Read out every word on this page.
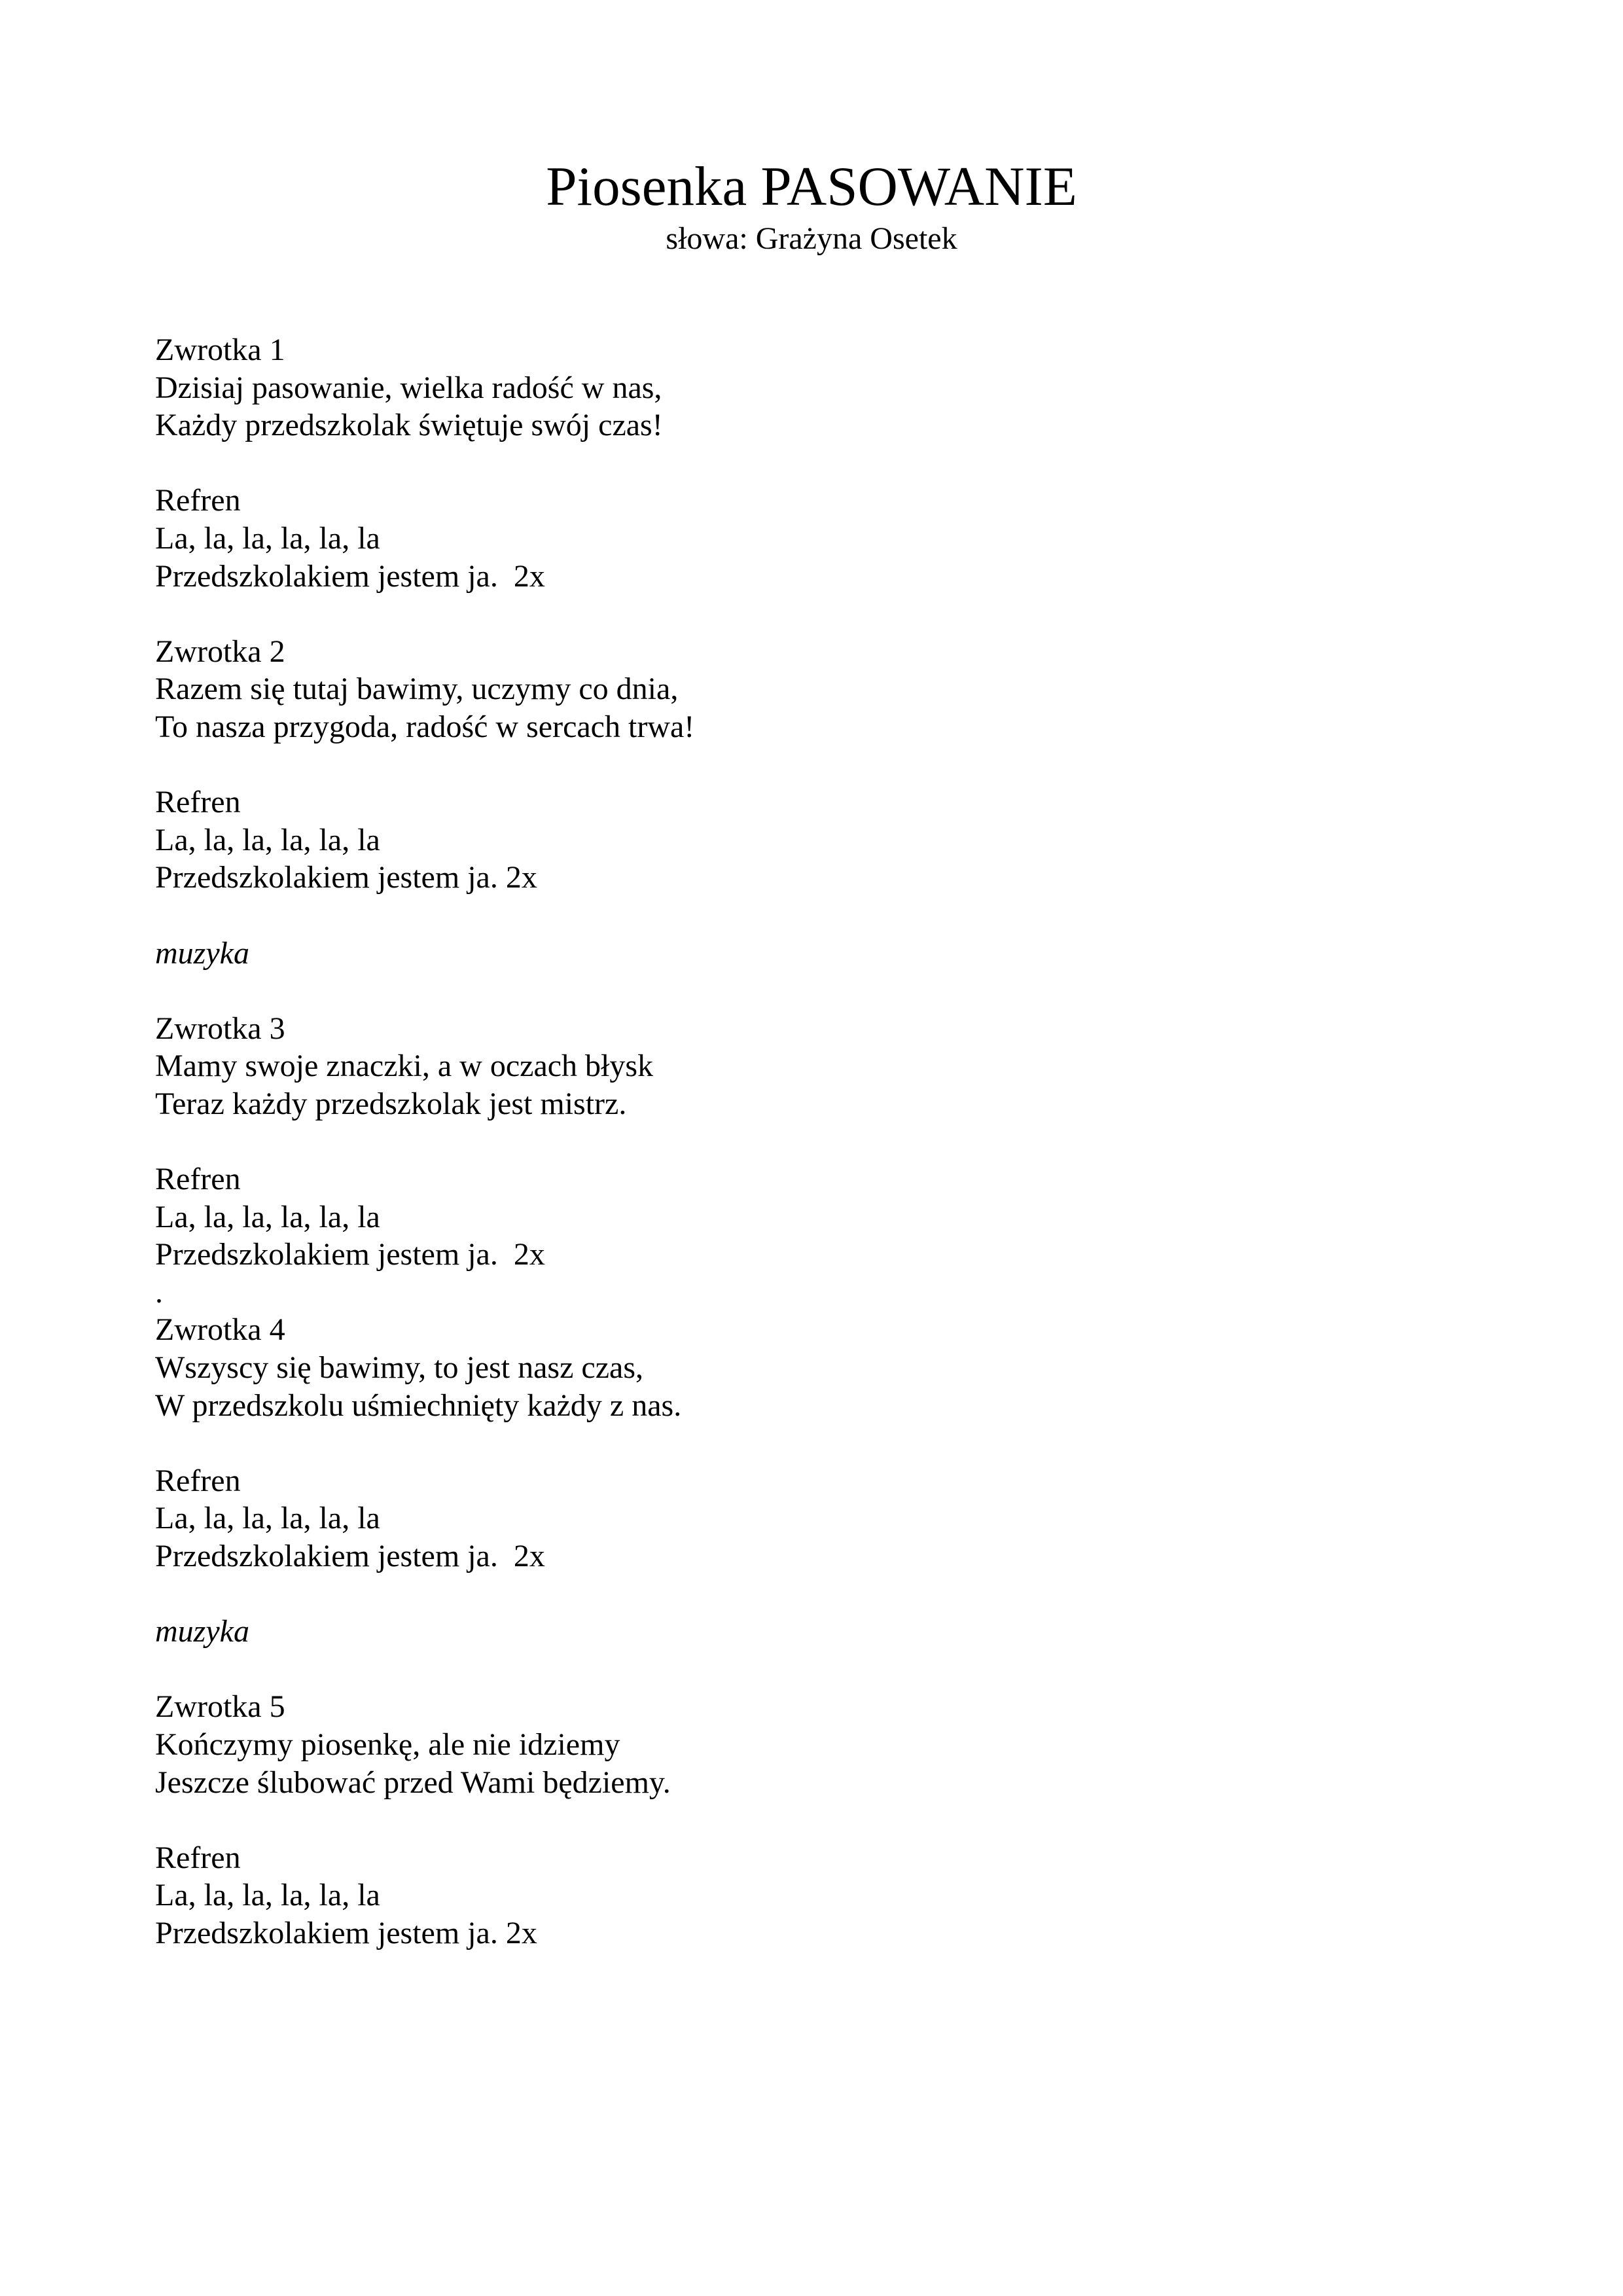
Piosenka PASOWANIE
słowa: Grażyna Osetek
Zwrotka 1
Dzisiaj pasowanie, wielka radość w nas,
Każdy przedszkolak świętuje swój czas!
Refren
La, la, la, la, la, la
Przedszkolakiem jestem ja.  2x
Zwrotka 2
Razem się tutaj bawimy, uczymy co dnia,
To nasza przygoda, radość w sercach trwa!
Refren
La, la, la, la, la, la
Przedszkolakiem jestem ja. 2x
muzyka
Zwrotka 3
Mamy swoje znaczki, a w oczach błysk
Teraz każdy przedszkolak jest mistrz.
Refren
La, la, la, la, la, la
Przedszkolakiem jestem ja.  2x
.
Zwrotka 4
Wszyscy się bawimy, to jest nasz czas,
W przedszkolu uśmiechnięty każdy z nas.
Refren
La, la, la, la, la, la
Przedszkolakiem jestem ja.  2x
muzyka
Zwrotka 5
Kończymy piosenkę, ale nie idziemy
Jeszcze ślubować przed Wami będziemy.
Refren
La, la, la, la, la, la
Przedszkolakiem jestem ja. 2x
